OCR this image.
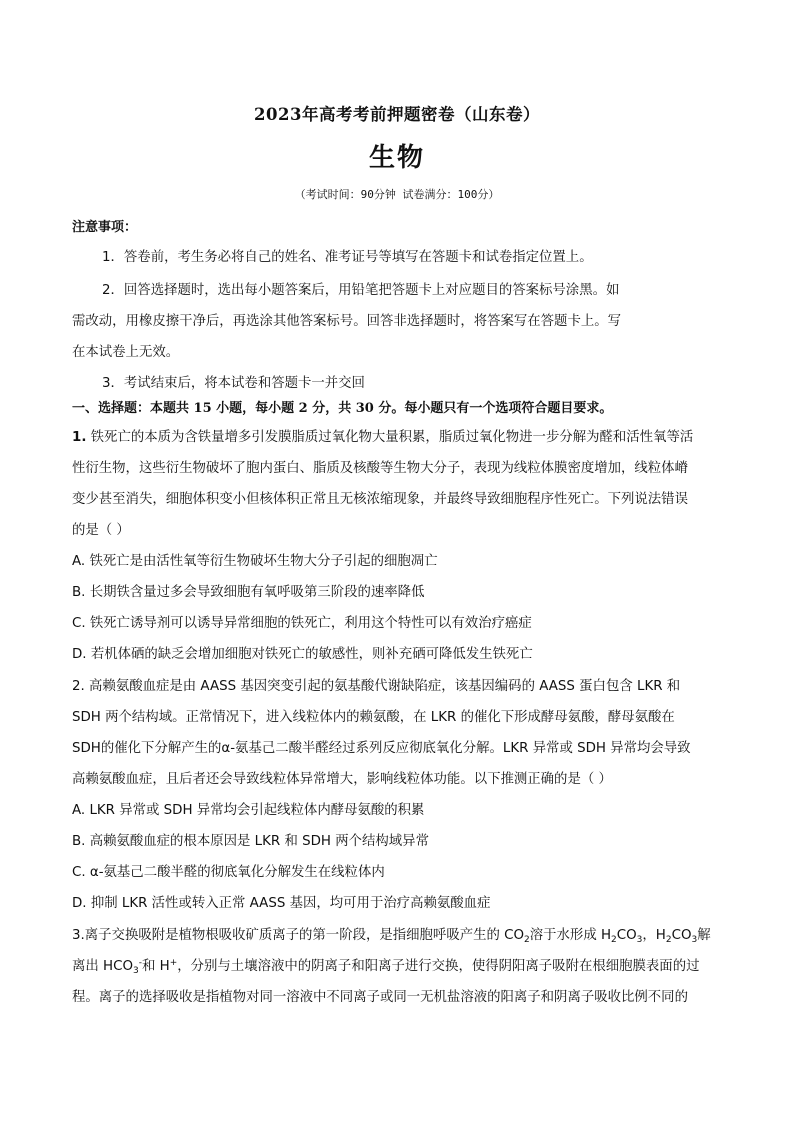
2023年高考考前押题密卷（山东卷）
生物
（考试时间：90分钟 试卷满分：100分）
注意事项：
1．答卷前，考生务必将自己的姓名、准考证号等填写在答题卡和试卷指定位置上。
2．回答选择题时，选出每小题答案后，用铅笔把答题卡上对应题目的答案标号涂黑。如
需改动，用橡皮擦干净后，再选涂其他答案标号。回答非选择题时，将答案写在答题卡上。写
在本试卷上无效。
3．考试结束后，将本试卷和答题卡一并交回
一、选择题：本题共 15 小题，每小题 2 分，共 30 分。每小题只有一个选项符合题目要求。
1. 铁死亡的本质为含铁量增多引发膜脂质过氧化物大量积累，脂质过氧化物进一步分解为醛和活性氧等活
性衍生物，这些衍生物破坏了胞内蛋白、脂质及核酸等生物大分子，表现为线粒体膜密度增加，线粒体嵴
变少甚至消失，细胞体积变小但核体积正常且无核浓缩现象，并最终导致细胞程序性死亡。下列说法错误
的是（ ）
A. 铁死亡是由活性氧等衍生物破坏生物大分子引起的细胞凋亡
B. 长期铁含量过多会导致细胞有氧呼吸第三阶段的速率降低
C. 铁死亡诱导剂可以诱导异常细胞的铁死亡，利用这个特性可以有效治疗癌症
D. 若机体硒的缺乏会增加细胞对铁死亡的敏感性，则补充硒可降低发生铁死亡
2. 高赖氨酸血症是由 AASS 基因突变引起的氨基酸代谢缺陷症，该基因编码的 AASS 蛋白包含 LKR 和
SDH 两个结构域。正常情况下，进入线粒体内的赖氨酸，在 LKR 的催化下形成酵母氨酸，酵母氨酸在
SDH的催化下分解产生的α-氨基己二酸半醛经过系列反应彻底氧化分解。LKR 异常或 SDH 异常均会导致
高赖氨酸血症，且后者还会导致线粒体异常增大，影响线粒体功能。以下推测正确的是（ ）
A. LKR 异常或 SDH 异常均会引起线粒体内酵母氨酸的积累
B. 高赖氨酸血症的根本原因是 LKR 和 SDH 两个结构域异常
C. α-氨基己二酸半醛的彻底氧化分解发生在线粒体内
D. 抑制 LKR 活性或转入正常 AASS 基因，均可用于治疗高赖氨酸血症
3.离子交换吸附是植物根吸收矿质离子的第一阶段，是指细胞呼吸产生的 $CO_2$溶于水形成 $H_2CO_3$，$H_2CO_3$解
离出 $HCO_3^-$和 H+，分别与土壤溶液中的阴离子和阳离子进行交换，使得阴阳离子吸附在根细胞膜表面的过
程。离子的选择吸收是指植物对同一溶液中不同离子或同一无机盐溶液的阳离子和阴离子吸收比例不同的
